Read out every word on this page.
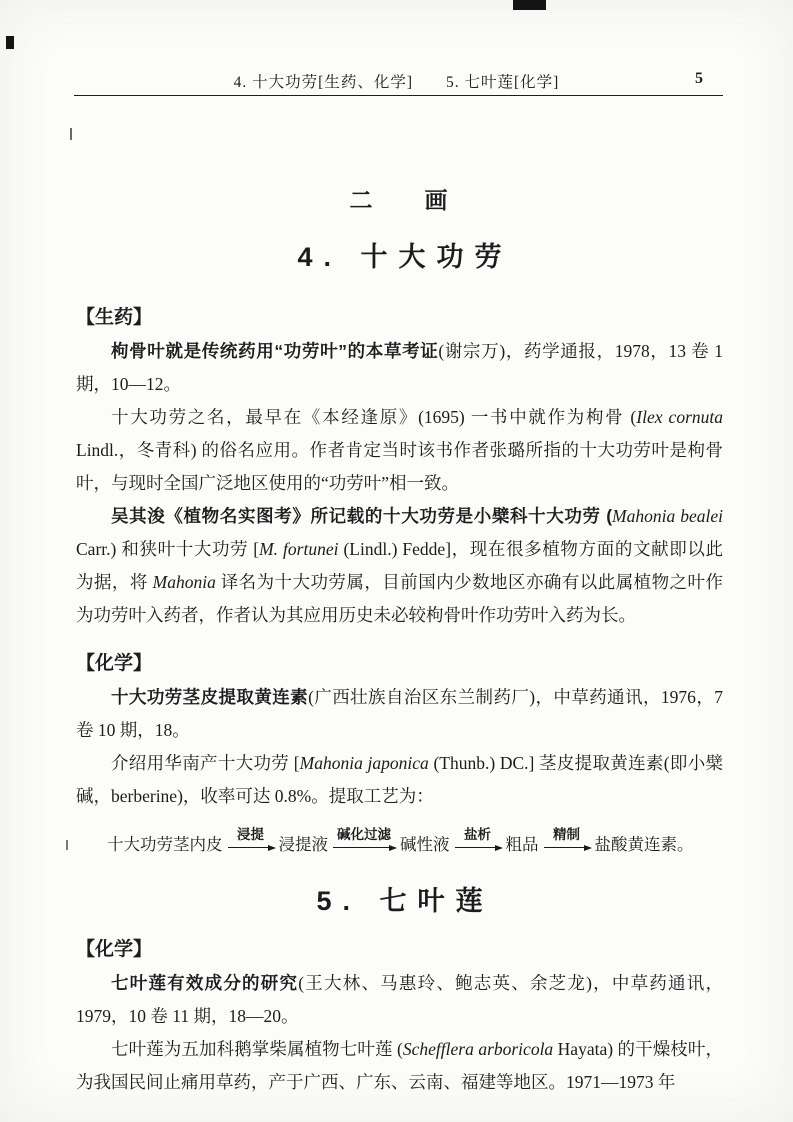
4. 十大功劳[生药、化学]　　5. 七叶莲[化学]	5
二　　画
4. 十大功劳
【生药】

枸骨叶就是传统药用“功劳叶”的本草考证(谢宗万)，药学通报，1978，13 卷 1 期，10—12。

十大功劳之名，最早在《本经逢原》(1695) 一书中就作为枸骨 (Ilex cornuta Lindl.，冬青科) 的俗名应用。作者肯定当时该书作者张璐所指的十大功劳叶是枸骨叶，与现时全国广泛地区使用的“功劳叶”相一致。

吴其浚《植物名实图考》所记载的十大功劳是小檗科十大功劳 (Mahonia bealei Carr.) 和狭叶十大功劳 [M. fortunei (Lindl.) Fedde]，现在很多植物方面的文献即以此为据，将 Mahonia 译名为十大功劳属，目前国内少数地区亦确有以此属植物之叶作为功劳叶入药者，作者认为其应用历史未必较枸骨叶作功劳叶入药为长。

【化学】

十大功劳茎皮提取黄连素(广西壮族自治区东兰制药厂)，中草药通讯，1976，7 卷 10 期，18。

介绍用华南产十大功劳 [Mahonia japonica (Thunb.) DC.] 茎皮提取黄连素(即小檗碱，berberine)，收率可达 0.8%。提取工艺为：

十大功劳茎内皮
浸提
浸提液
碱化过滤
碱性液
盐析
粗品
精制
盐酸黄连素。
5. 七叶莲
【化学】

七叶莲有效成分的研究(王大林、马惠玲、鲍志英、余芝龙)，中草药通讯，1979，10 卷 11 期，18—20。

七叶莲为五加科鹅掌柴属植物七叶莲 (Schefflera arboricola Hayata) 的干燥枝叶，为我国民间止痛用草药，产于广西、广东、云南、福建等地区。1971—1973 年
